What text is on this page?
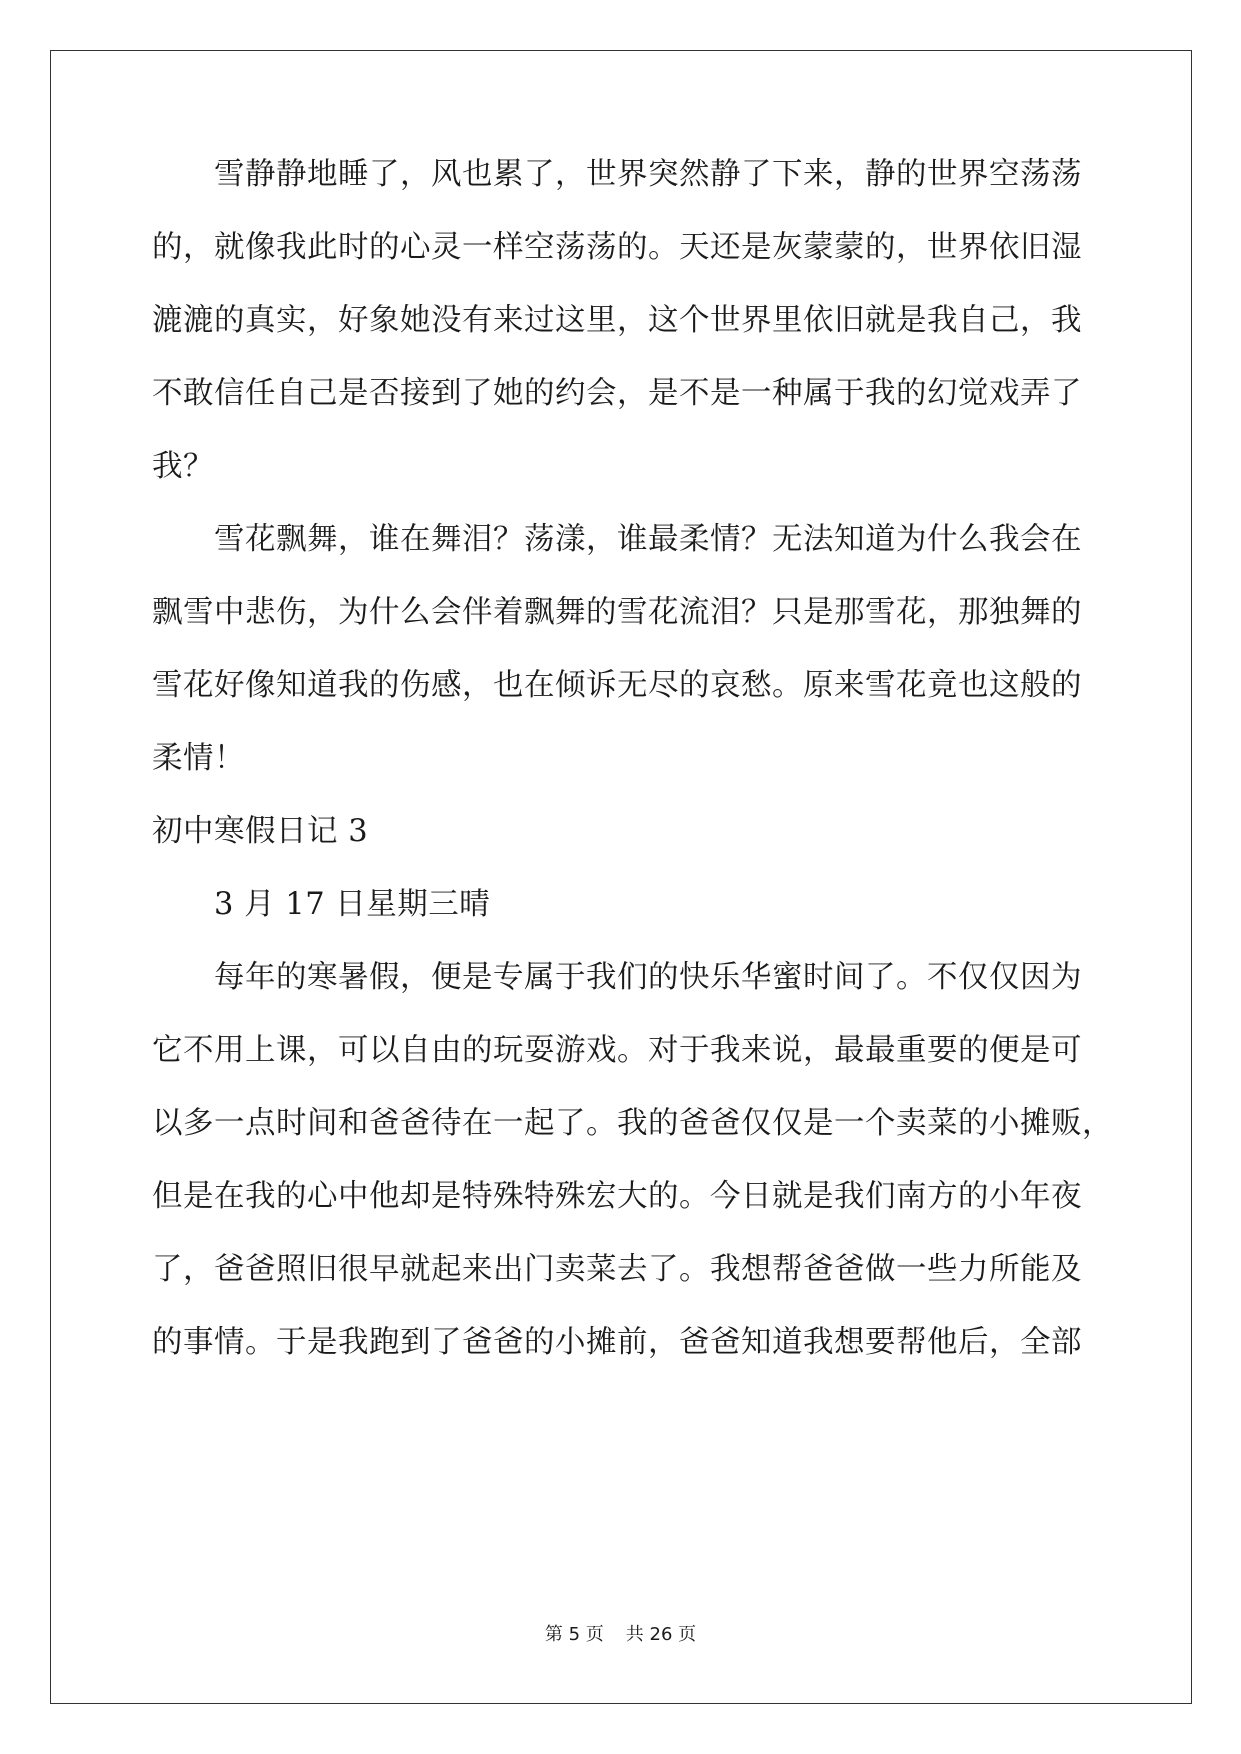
雪静静地睡了，风也累了，世界突然静了下来，静的世界空荡荡
的，就像我此时的心灵一样空荡荡的。天还是灰蒙蒙的，世界依旧湿
漉漉的真实，好象她没有来过这里，这个世界里依旧就是我自己，我
不敢信任自己是否接到了她的约会，是不是一种属于我的幻觉戏弄了
我？
雪花飘舞，谁在舞泪？荡漾，谁最柔情？无法知道为什么我会在
飘雪中悲伤，为什么会伴着飘舞的雪花流泪？只是那雪花，那独舞的
雪花好像知道我的伤感，也在倾诉无尽的哀愁。原来雪花竟也这般的
柔情！
初中寒假日记 3
3 月 17 日星期三晴
每年的寒暑假，便是专属于我们的快乐华蜜时间了。不仅仅因为
它不用上课，可以自由的玩耍游戏。对于我来说，最最重要的便是可
以多一点时间和爸爸待在一起了。我的爸爸仅仅是一个卖菜的小摊贩，
但是在我的心中他却是特殊特殊宏大的。今日就是我们南方的小年夜
了，爸爸照旧很早就起来出门卖菜去了。我想帮爸爸做一些力所能及
的事情。于是我跑到了爸爸的小摊前，爸爸知道我想要帮他后，全部
第 5 页 共 26 页
